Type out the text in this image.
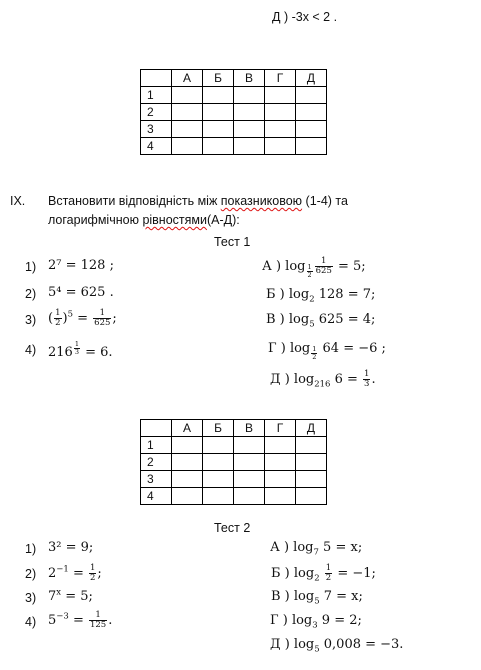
Д ) -3x < 2 .
	А	Б	В	Г	Д
1					
2					
3					
4					
IX. Встановити відповідність між показниковою (1-4) та
логарифмічною рівностями(А-Д):
Тест 1
1)
2)
3)
4)
2⁷ = 128 ;
5⁴ = 625 .
( $\frac{1}{2} )^5 = \frac{1}{625}$ ;
216 $^{\frac{1}{3}}$ = 6.
А ) $\log _{\frac{1}{2}} \frac{1}{625} = 5$;
Б ) $\log_2 128 = 7$;
В ) $\log_5 625 = 4$;
Г ) log $_{\frac{1}{2}}$ 64 = −6 ;
Д ) $\log_{216} 6 = \frac{1}{3}$ .
	А	Б	В	Г	Д
1					
2					
3					
4					
Тест 2
1)
2)
3)
4)
3² = 9;
$2^{-1} = \frac{1}{2}$ ;
$7^x = 5$;
$5^{-3} = \frac{1}{125}$ .
А ) $\log_7 5 = x$;
Б ) $\log_2 \frac{1}{2} = -1$;
В ) $\log_5 7 = x$;
Г ) $\log_3 9 = 2$;
Д ) $\log_5 0,008 = -3$.
